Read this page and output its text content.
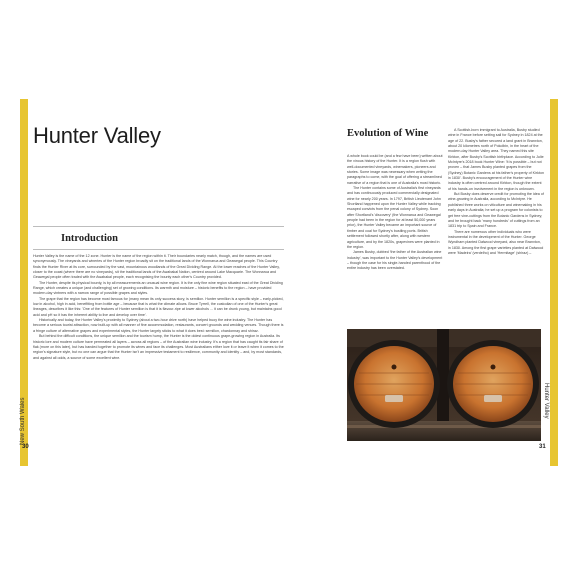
Hunter Valley
Introduction

Hunter Valley is the name of the 12 zone. Hunter is the name of the region within it. Their boundaries nearly match, though, and the names are used synonymously. The vineyards and wineries of the Hunter region broadly sit on the traditional lands of the Wonnarua and Geawegal people. This Country finds the Hunter River at its core, surrounded by the vast, mountainous woodlands of the Great Dividing Range. At the lower reaches of the Hunter Valley, closer to the coast (where there are no vineyards), sit the traditional lands of the Awabakal Nation, centred around Lake Macquarie. The Wonnarua and Geawegal people often traded with the Awabakal people, each recognising the bounty each other's Country provided.

The Hunter, despite its physical bounty, is by all measurements an unusual wine region. It is the only fine wine region situated east of the Great Dividing Range, which creates a unique (and challenging) set of growing conditions. Its warmth and moisture – historic benefits to the region – have provided modern-day vintners with a narrow range of possible grapes and styles.

The grape that the region has become most famous for (many mean its only success story, is semillon. Hunter semillon is a specific style – early-picked, low in alcohol, high in acid, benefitting from bottle age – because that is what the climate allows. Bruce Tyrrell, the custodian of one of the Hunter's great lineages, describes it like this: 'One of the features of Hunter semillon is that it is flavour-ripe at lower alcohols ... it can be drunk young, but maintains good acid and pH so it has the inherent ability to live and develop over time'.

Historically and today, the Hunter Valley's proximity to Sydney (about a two-hour drive north) have helped buoy the wine industry. The Hunter has become a serious tourist attraction, now built-up with all manner of fine accommodation, restaurants, concert grounds and wedding venues. Though there is a fringe culture of alternative grapes and experimental styles, the Hunter largely sticks to what it does best: semillon, chardonnay and shiraz.

But behind the difficult conditions, the unique semillon and the tourism hump, the Hunter is the oldest continuous grape-growing region in Australia. Its historic lore and modern culture have permeated all layers – across all regions – of the Australian wine industry. It's a region that has caught its fair share of flak (more on this later), but has banded together to promote its wines and face its challenges. Most Australians either love it or leave it when it comes to the region's signature style, but no one can argue that the Hunter isn't an impressive testament to resilience, community and identity – and, by most standards, and against all odds, a source of some excellent wine.

New South Wales
30
Evolution of Wine

A whole book could be (and a few have been) written about the vinous history of the Hunter. It is a region flush with well-documented vineyards, winemakers, pioneers and stories. Some image was necessary when writing the paragraphs to come, with the goal of offering a streamlined narrative of a region that is one of Australia's most historic.

The Hunter contains some of Australia's first vineyards and has continuously produced commercially designated wine for nearly 200 years. In 1797, British Lieutenant John Shortland happened upon the Hunter Valley while tracking escaped convicts from the penal colony of Sydney. Soon after Shortland's 'discovery' (the Wonnarua and Geawegal people had been in the region for at least 50,000 years prior), the Hunter Valley became an important source of timber and coal for Sydney's bustling ports. British settlement followed shortly after, along with western agriculture, and by the 1820s, grapevines were planted in the region.

James Busby, dubbed 'the father of the Australian wine industry', was important to the Hunter Valley's development – though the case for his single-handed parenthood of the entire industry has been overstated.

A Scottish-born immigrant to Australia, Busby studied wine in France before setting sail for Sydney in 1824 at the age of 22. Busby's father secured a land grant in Branxton, about 20 kilometres north of Pokolbin, in the heart of the modern-day Hunter Valley area. They named this site Kirkton, after Busby's Scottish birthplace. According to Julie McIntyre's 2018 book Hunter Wine: 'It is possible – but not proven – that James Busby planted grapes from the (Sydney) Botanic Gardens at his father's property of Kirkton in 1830'. Busby's encouragement of the Hunter wine industry is often centred around Kirkton, though the extent of his hands-on involvement in the region is unknown.

But Busby does deserve credit for promoting the idea of wine-growing in Australia, according to McIntyre. He published three works on viticulture and winemaking in his early days in Australia; he set up a program for colonists to get free vine-cuttings from the Botanic Gardens in Sydney; and he brought back 'many hundreds' of cuttings from an 1831 trip to Spain and France.

There are numerous other individuals who were instrumental in the development of the Hunter. George Wyndham planted Dalwood vineyard, also near Branxton, in 1830. Among the first grape varieties planted at Dalwood were 'Madeira' (verdelho) and 'Hermitage' (shiraz) –

Hunter Valley
31
